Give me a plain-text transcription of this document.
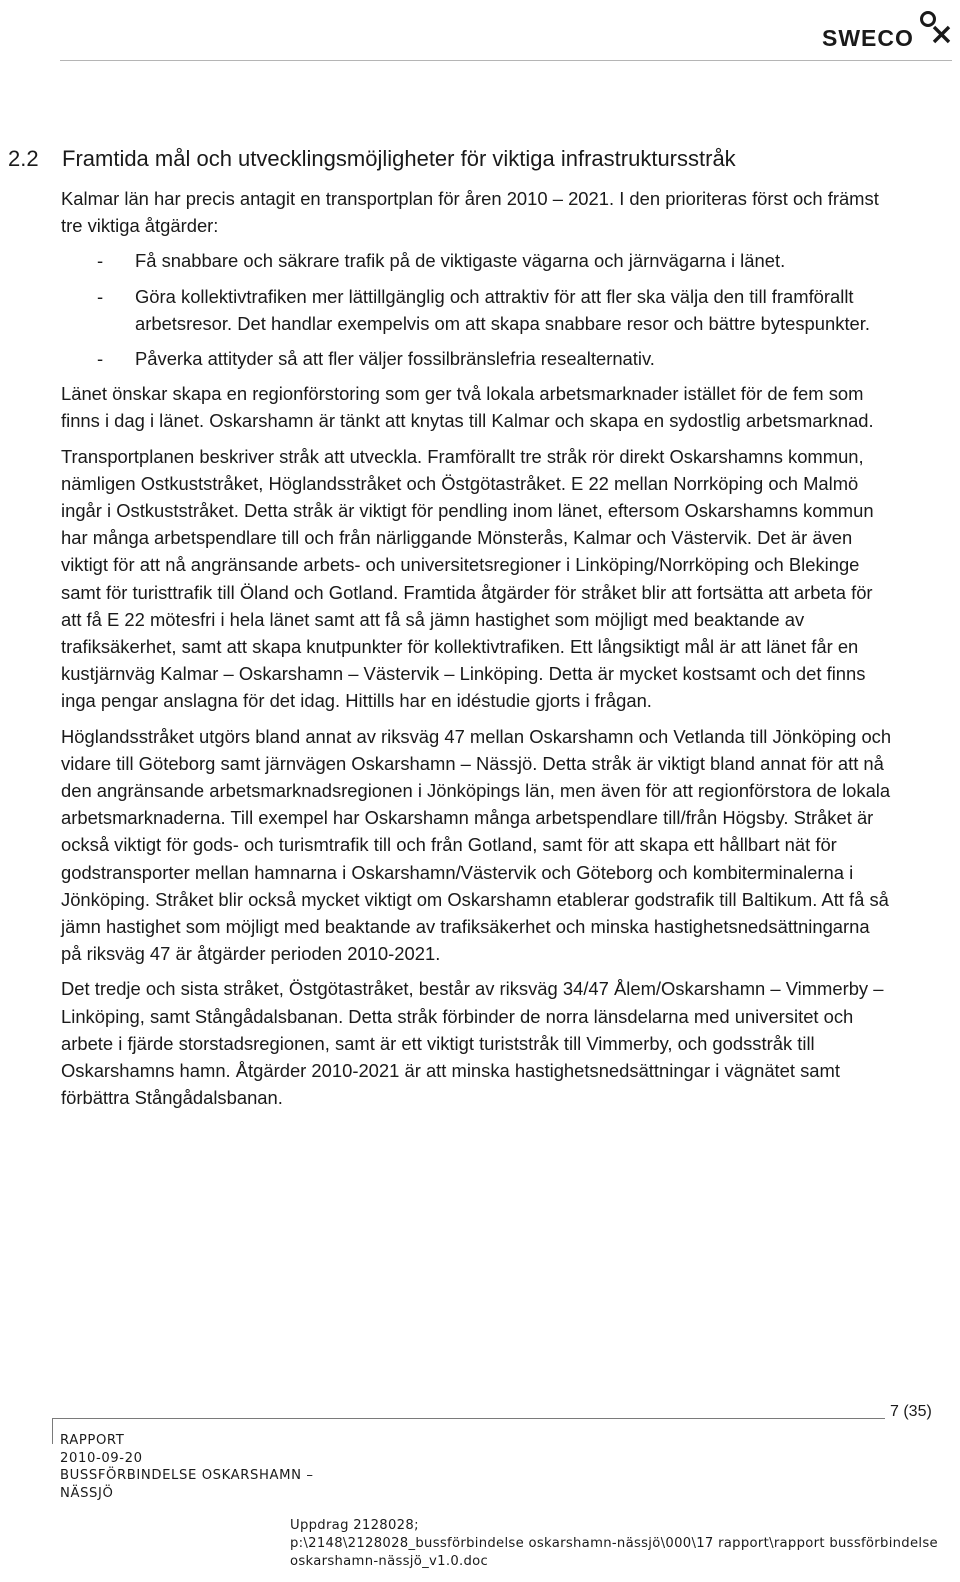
SWECO
2.2 Framtida mål och utvecklingsmöjligheter för viktiga infrastruktursstråk

Kalmar län har precis antagit en transportplan för åren 2010 – 2021. I den prioriteras först och främst tre viktiga åtgärder:

- Få snabbare och säkrare trafik på de viktigaste vägarna och järnvägarna i länet.
- Göra kollektivtrafiken mer lättillgänglig och attraktiv för att fler ska välja den till framförallt arbetsresor. Det handlar exempelvis om att skapa snabbare resor och bättre bytespunkter.
- Påverka attityder så att fler väljer fossilbränslefria resealternativ.

Länet önskar skapa en regionförstoring som ger två lokala arbetsmarknader istället för de fem som finns i dag i länet. Oskarshamn är tänkt att knytas till Kalmar och skapa en sydostlig arbetsmarknad.

Transportplanen beskriver stråk att utveckla. Framförallt tre stråk rör direkt Oskarshamns kommun, nämligen Ostkuststråket, Höglandsstråket och Östgötastråket. E 22 mellan Norrköping och Malmö ingår i Ostkuststråket. Detta stråk är viktigt för pendling inom länet, eftersom Oskarshamns kommun har många arbetspendlare till och från närliggande Mönsterås, Kalmar och Västervik. Det är även viktigt för att nå angränsande arbets- och universitetsregioner i Linköping/Norrköping och Blekinge samt för turisttrafik till Öland och Gotland. Framtida åtgärder för stråket blir att fortsätta att arbeta för att få E 22 mötesfri i hela länet samt att få så jämn hastighet som möjligt med beaktande av trafiksäkerhet, samt att skapa knutpunkter för kollektivtrafiken. Ett långsiktigt mål är att länet får en kustjärnväg Kalmar – Oskarshamn – Västervik – Linköping. Detta är mycket kostsamt och det finns inga pengar anslagna för det idag. Hittills har en idéstudie gjorts i frågan.

Höglandsstråket utgörs bland annat av riksväg 47 mellan Oskarshamn och Vetlanda till Jönköping och vidare till Göteborg samt järnvägen Oskarshamn – Nässjö. Detta stråk är viktigt bland annat för att nå den angränsande arbetsmarknadsregionen i Jönköpings län, men även för att regionförstora de lokala arbetsmarknaderna. Till exempel har Oskarshamn många arbetspendlare till/från Högsby. Stråket är också viktigt för gods- och turismtrafik till och från Gotland, samt för att skapa ett hållbart nät för godstransporter mellan hamnarna i Oskarshamn/Västervik och Göteborg och kombiterminalerna i Jönköping. Stråket blir också mycket viktigt om Oskarshamn etablerar godstrafik till Baltikum. Att få så jämn hastighet som möjligt med beaktande av trafiksäkerhet och minska hastighetsnedsättningarna på riksväg 47 är åtgärder perioden 2010-2021.

Det tredje och sista stråket, Östgötastråket, består av riksväg 34/47 Ålem/Oskarshamn – Vimmerby – Linköping, samt Stångådalsbanan. Detta stråk förbinder de norra länsdelarna med universitet och arbete i fjärde storstadsregionen, samt är ett viktigt turiststråk till Vimmerby, och godsstråk till Oskarshamns hamn. Åtgärder 2010-2021 är att minska hastighetsnedsättningar i vägnätet samt förbättra Stångådalsbanan.

7 (35)
RAPPORT
2010-09-20
BUSSFÖRBINDELSE OSKARSHAMN –
NÄSSJÖ
Uppdrag 2128028;
p:\2148\2128028_bussförbindelse oskarshamn-nässjö\000\17 rapport\rapport bussförbindelse
oskarshamn-nässjö_v1.0.doc
